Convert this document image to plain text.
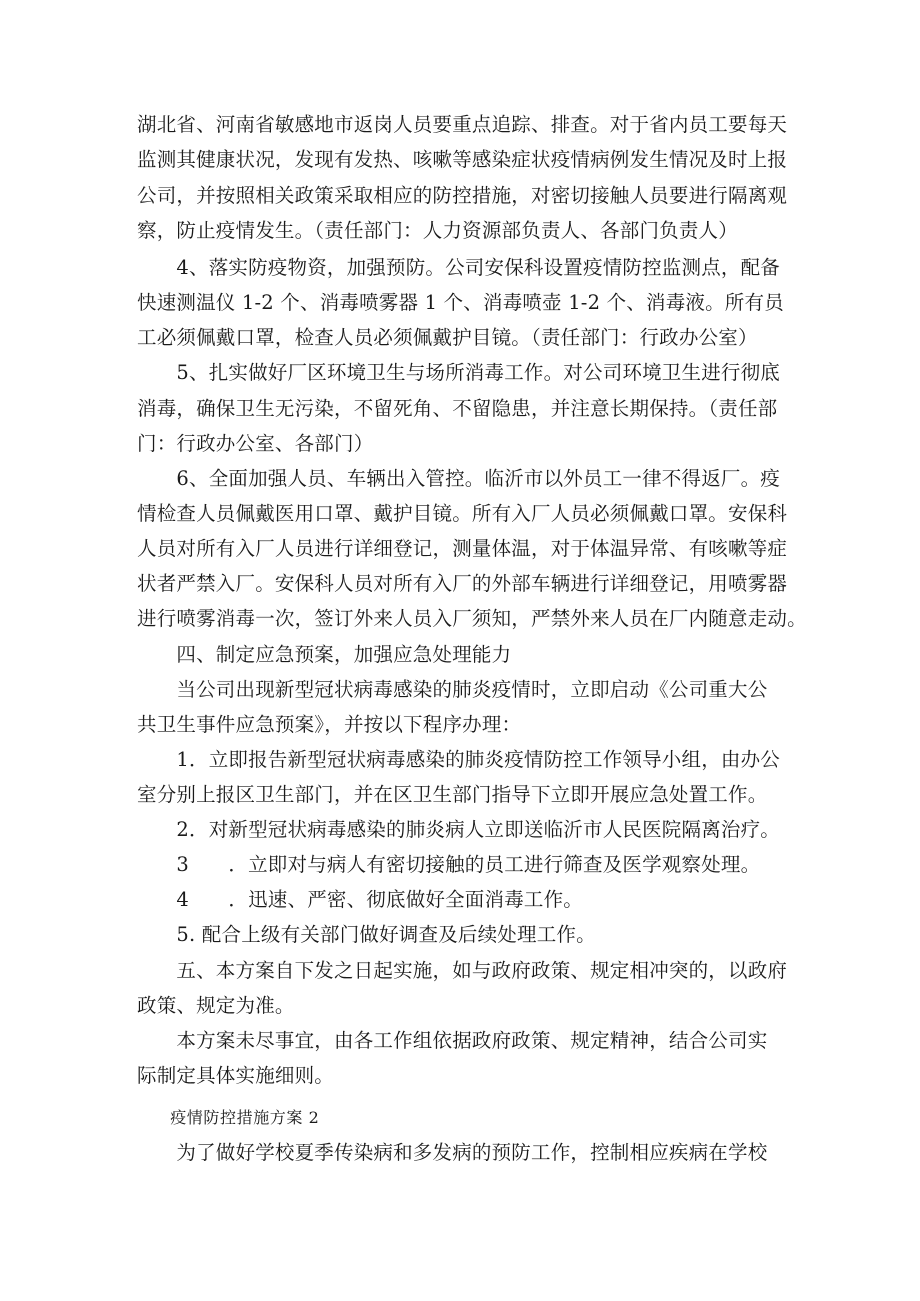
湖北省、河南省敏感地市返岗人员要重点追踪、排查。对于省内员工要每天
监测其健康状况，发现有发热、咳嗽等感染症状疫情病例发生情况及时上报
公司，并按照相关政策采取相应的防控措施，对密切接触人员要进行隔离观
察，防止疫情发生。（责任部门：人力资源部负责人、各部门负责人）
　　4、落实防疫物资，加强预防。公司安保科设置疫情防控监测点，配备
快速测温仪 1-2 个、消毒喷雾器 1 个、消毒喷壶 1-2 个、消毒液。所有员
工必须佩戴口罩，检查人员必须佩戴护目镜。（责任部门：行政办公室）
　　5、扎实做好厂区环境卫生与场所消毒工作。对公司环境卫生进行彻底
消毒，确保卫生无污染，不留死角、不留隐患，并注意长期保持。（责任部
门：行政办公室、各部门）
　　6、全面加强人员、车辆出入管控。临沂市以外员工一律不得返厂。疫
情检查人员佩戴医用口罩、戴护目镜。所有入厂人员必须佩戴口罩。安保科
人员对所有入厂人员进行详细登记，测量体温，对于体温异常、有咳嗽等症
状者严禁入厂。安保科人员对所有入厂的外部车辆进行详细登记，用喷雾器
进行喷雾消毒一次，签订外来人员入厂须知，严禁外来人员在厂内随意走动。
　　四、制定应急预案，加强应急处理能力
　　当公司出现新型冠状病毒感染的肺炎疫情时，立即启动《公司重大公
共卫生事件应急预案》，并按以下程序办理：
　　1．立即报告新型冠状病毒感染的肺炎疫情防控工作领导小组，由办公
室分别上报区卫生部门，并在区卫生部门指导下立即开展应急处置工作。
　　2．对新型冠状病毒感染的肺炎病人立即送临沂市人民医院隔离治疗。
　　3　　．立即对与病人有密切接触的员工进行筛查及医学观察处理。
　　4　　．迅速、严密、彻底做好全面消毒工作。
　　5. 配合上级有关部门做好调查及后续处理工作。
　　五、本方案自下发之日起实施，如与政府政策、规定相冲突的，以政府
政策、规定为准。
　　本方案未尽事宜，由各工作组依据政府政策、规定精神，结合公司实
际制定具体实施细则。
　　疫情防控措施方案 2
　　为了做好学校夏季传染病和多发病的预防工作，控制相应疾病在学校
